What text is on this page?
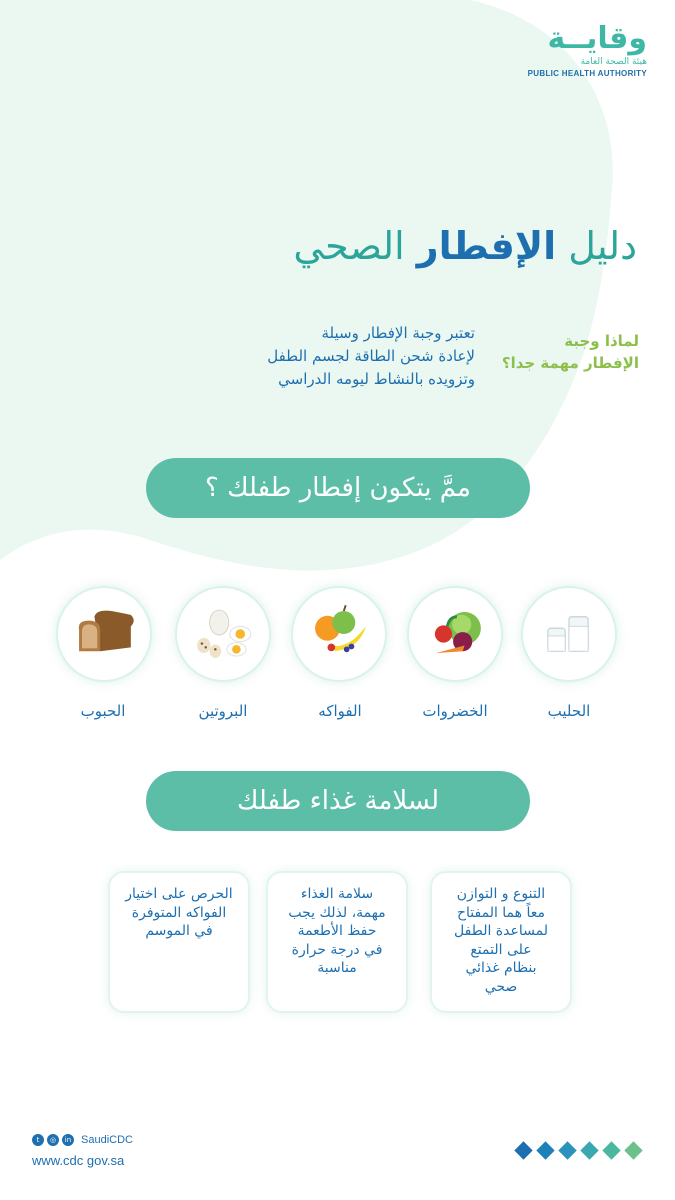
وقايــة
هيئة الصحة العامة
PUBLIC HEALTH AUTHORITY
دليل الإفطار الصحي
لماذا وجبة
الإفطار مهمة جدا؟
تعتبر وجبة الإفطار وسيلة
لإعادة شحن الطاقة لجسم الطفل
وتزويده بالنشاط ليومه الدراسي
ممَّ يتكون إفطار طفلك ؟
الحليب
الخضروات
الفواكه
البروتين
الحبوب
لسلامة غذاء طفلك
التنوع و التوازن
معاً هما المفتاح
لمساعدة الطفل
على التمتع
بنظام غذائي
صحي
سلامة الغذاء
مهمة، لذلك يجب
حفظ الأطعمة
في درجة حرارة
مناسبة
الحرص على اختيار
الفواكه المتوفرة
في الموسم
t	◎	in SaudiCDC
www.cdc gov.sa
